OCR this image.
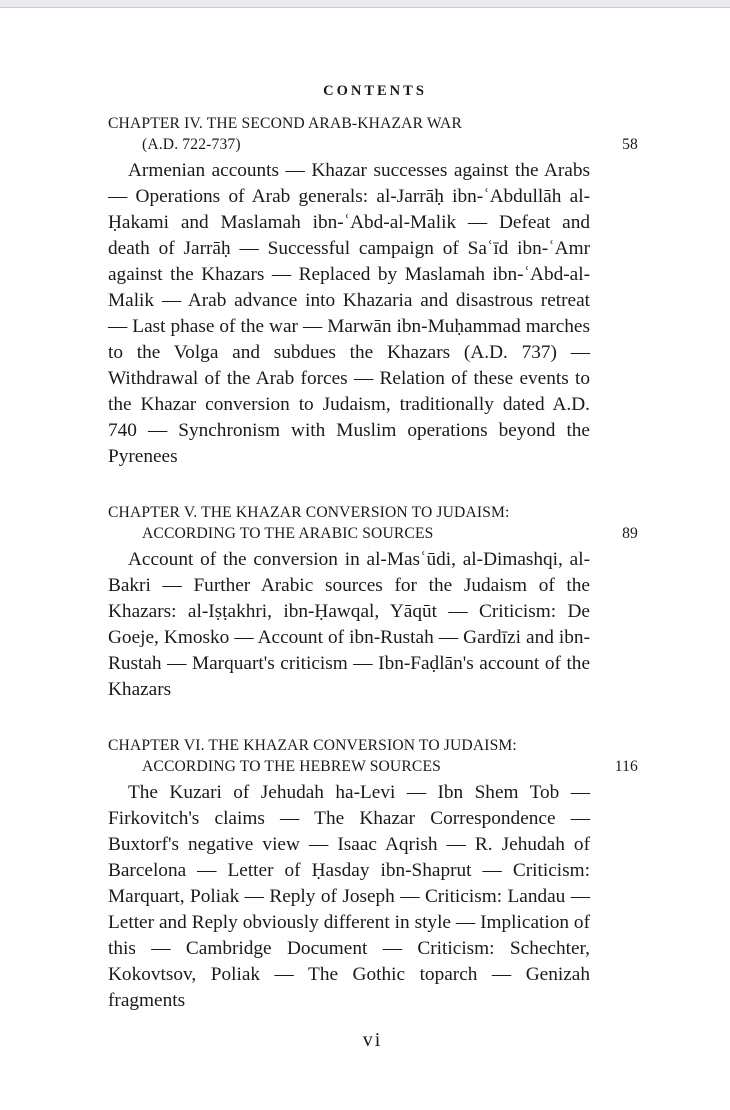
CONTENTS
CHAPTER IV. THE SECOND ARAB-KHAZAR WAR
(A.D. 722-737)	58

Armenian accounts — Khazar successes against the Arabs — Operations of Arab generals: al-Jarrāḥ ibn-ʿAbdullāh al-Ḥakami and Maslamah ibn-ʿAbd-al-Malik — Defeat and death of Jarrāḥ — Successful campaign of Saʿīd ibn-ʿAmr against the Khazars — Replaced by Maslamah ibn-ʿAbd-al-Malik — Arab advance into Khazaria and disastrous retreat — Last phase of the war — Marwān ibn-Muḥammad marches to the Volga and subdues the Khazars (A.D. 737) — Withdrawal of the Arab forces — Relation of these events to the Khazar conversion to Judaism, traditionally dated A.D. 740 — Synchronism with Muslim operations beyond the Pyrenees

CHAPTER V. THE KHAZAR CONVERSION TO JUDAISM:
ACCORDING TO THE ARABIC SOURCES	89

Account of the conversion in al-Masʿūdi, al-Dimashqi, al-Bakri — Further Arabic sources for the Judaism of the Khazars: al-Iṣṭakhri, ibn-Ḥawqal, Yāqūt — Criticism: De Goeje, Kmosko — Account of ibn-Rustah — Gardīzi and ibn-Rustah — Marquart's criticism — Ibn-Faḍlān's account of the Khazars

CHAPTER VI. THE KHAZAR CONVERSION TO JUDAISM:
ACCORDING TO THE HEBREW SOURCES	116

The Kuzari of Jehudah ha-Levi — Ibn Shem Tob — Firkovitch's claims — The Khazar Correspondence — Buxtorf's negative view — Isaac Aqrish — R. Jehudah of Barcelona — Letter of Ḥasday ibn-Shaprut — Criticism: Marquart, Poliak — Reply of Joseph — Criticism: Landau — Letter and Reply obviously different in style — Implication of this — Cambridge Document — Criticism: Schechter, Kokovtsov, Poliak — The Gothic toparch — Genizah fragments

vi
